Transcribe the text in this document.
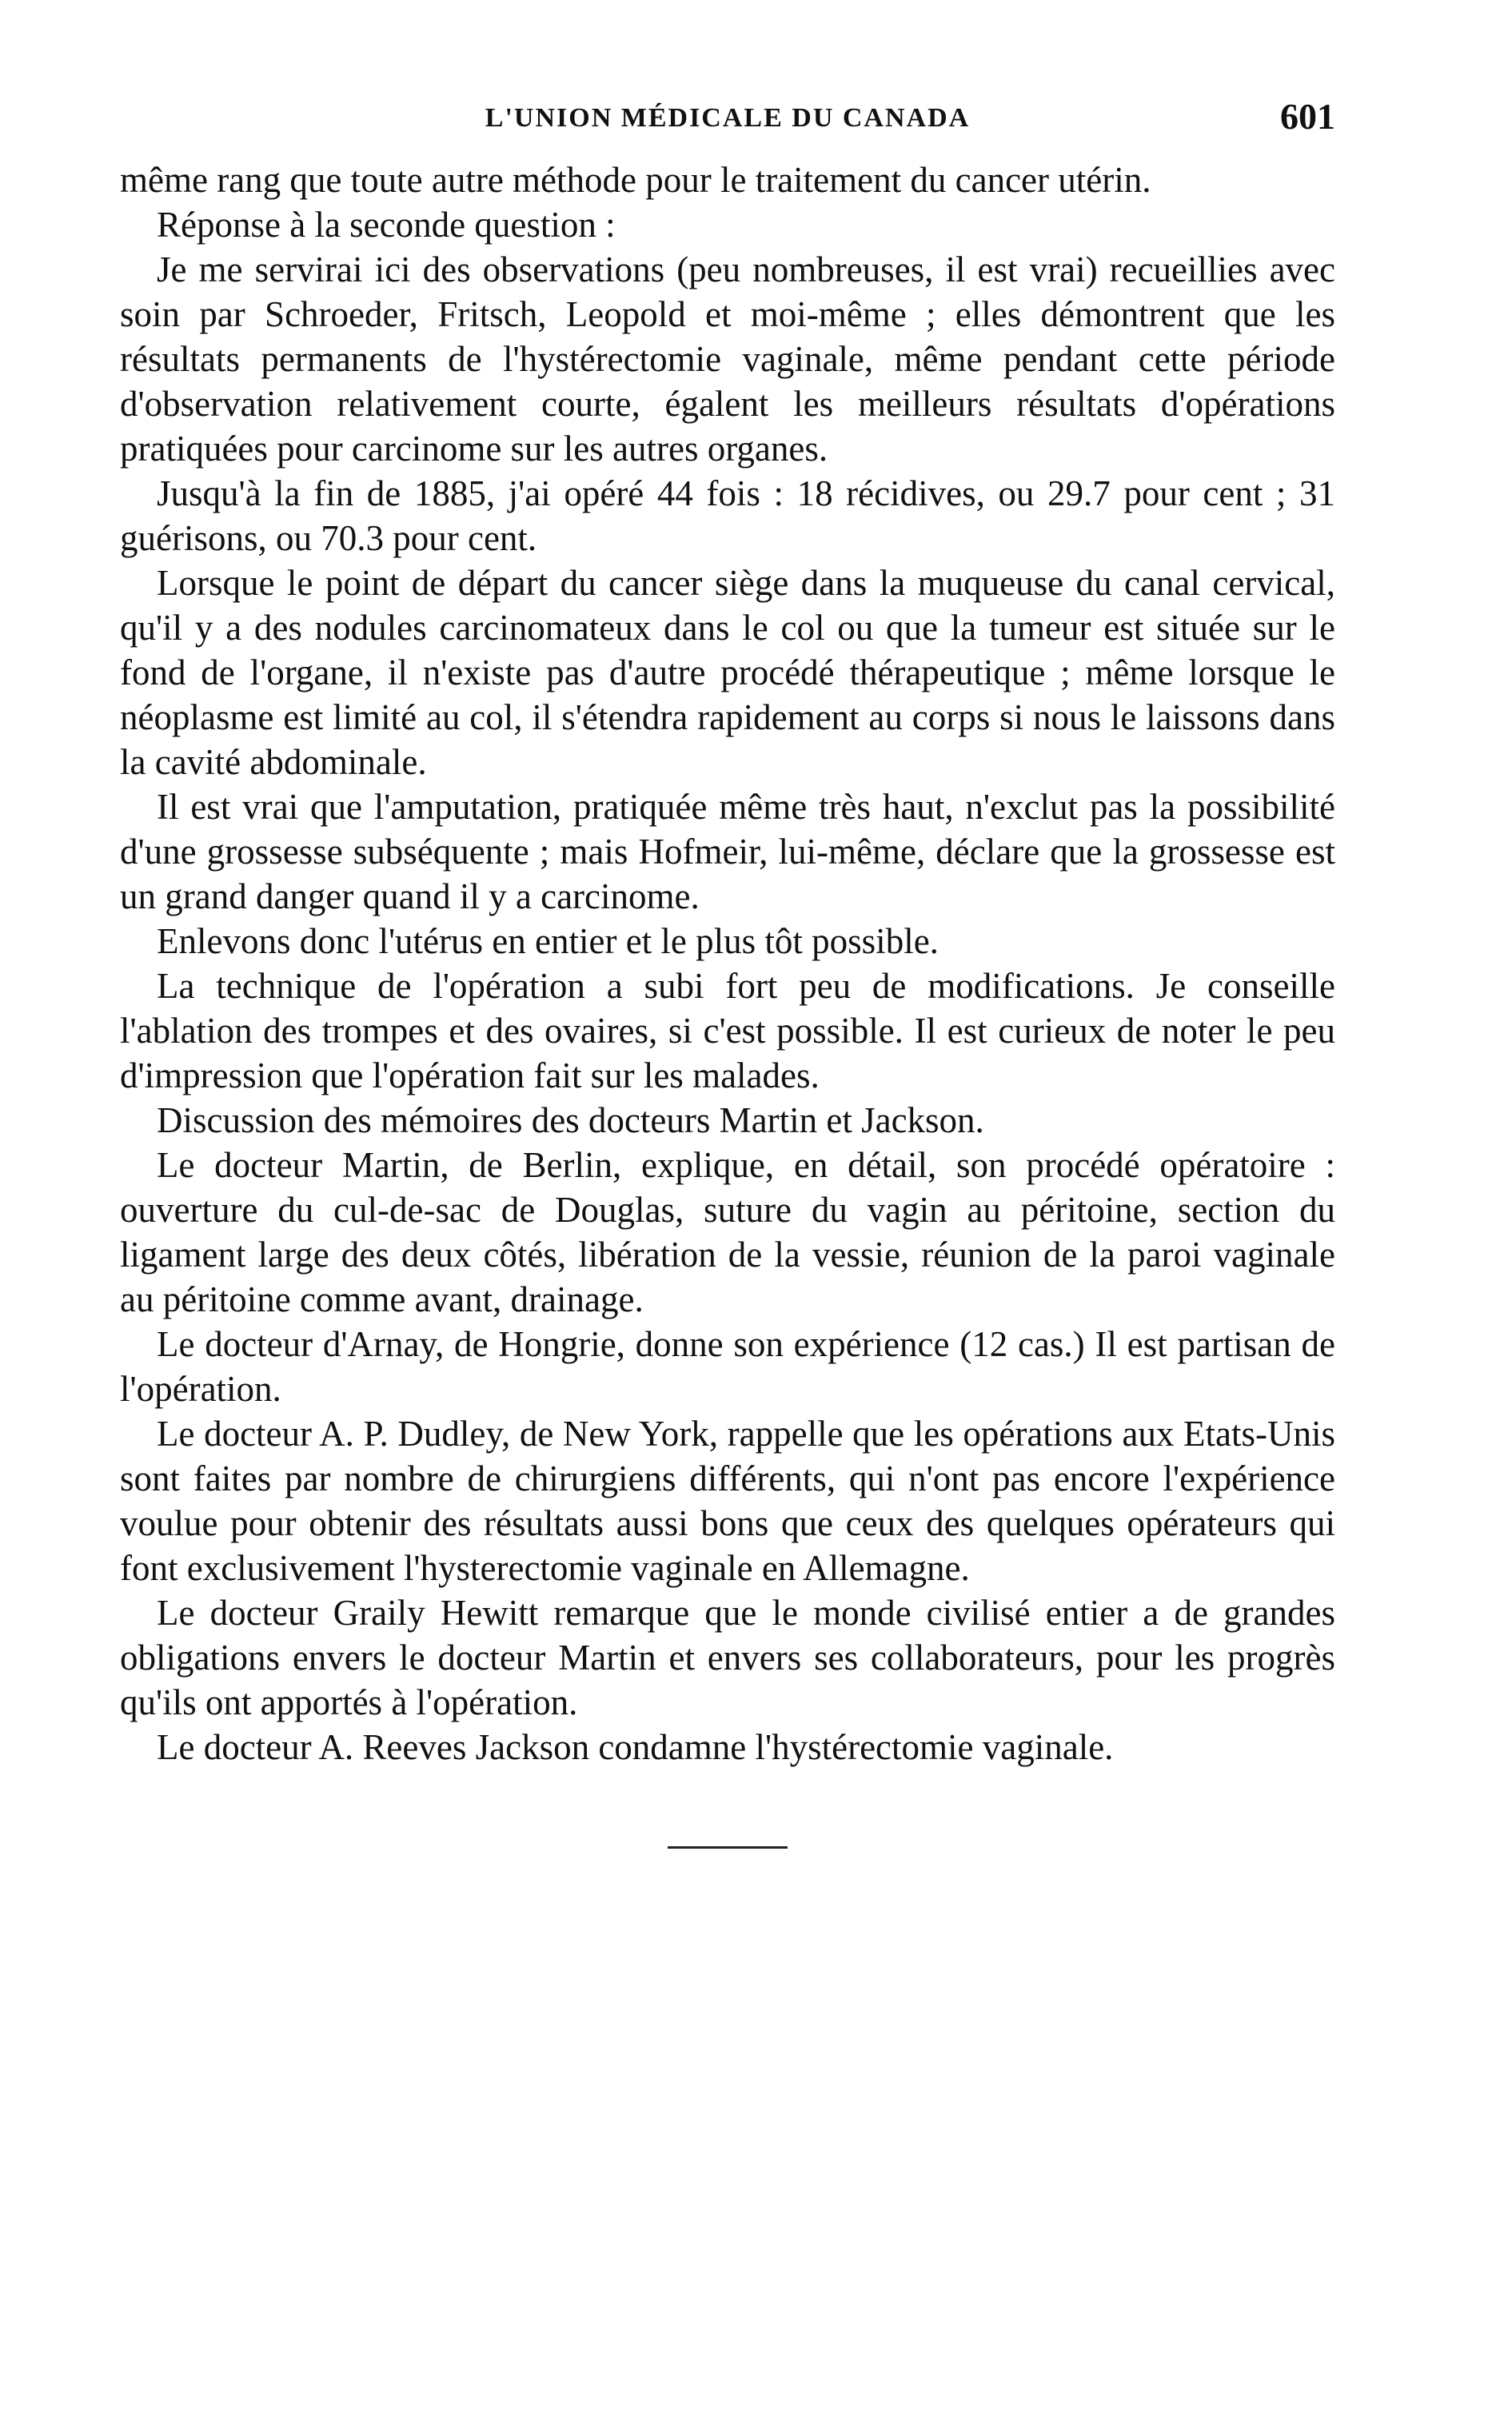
L'UNION MÉDICALE DU CANADA	601

même rang que toute autre méthode pour le traitement du cancer utérin.

Réponse à la seconde question :

Je me servirai ici des observations (peu nombreuses, il est vrai) recueillies avec soin par Schroeder, Fritsch, Leopold et moi-même ; elles démontrent que les résultats permanents de l'hystérectomie vaginale, même pendant cette période d'observation relativement courte, égalent les meilleurs résultats d'opérations pratiquées pour carcinome sur les autres organes.

Jusqu'à la fin de 1885, j'ai opéré 44 fois : 18 récidives, ou 29.7 pour cent ; 31 guérisons, ou 70.3 pour cent.

Lorsque le point de départ du cancer siège dans la muqueuse du canal cervical, qu'il y a des nodules carcinomateux dans le col ou que la tumeur est située sur le fond de l'organe, il n'existe pas d'autre procédé thérapeutique ; même lorsque le néoplasme est limité au col, il s'étendra rapidement au corps si nous le laissons dans la cavité abdominale.

Il est vrai que l'amputation, pratiquée même très haut, n'exclut pas la possibilité d'une grossesse subséquente ; mais Hofmeir, lui-même, déclare que la grossesse est un grand danger quand il y a carcinome.

Enlevons donc l'utérus en entier et le plus tôt possible.

La technique de l'opération a subi fort peu de modifications. Je conseille l'ablation des trompes et des ovaires, si c'est possible. Il est curieux de noter le peu d'impression que l'opération fait sur les malades.

Discussion des mémoires des docteurs Martin et Jackson.

Le docteur Martin, de Berlin, explique, en détail, son procédé opératoire : ouverture du cul-de-sac de Douglas, suture du vagin au péritoine, section du ligament large des deux côtés, libération de la vessie, réunion de la paroi vaginale au péritoine comme avant, drainage.

Le docteur d'Arnay, de Hongrie, donne son expérience (12 cas.) Il est partisan de l'opération.

Le docteur A. P. Dudley, de New York, rappelle que les opérations aux Etats-Unis sont faites par nombre de chirurgiens différents, qui n'ont pas encore l'expérience voulue pour obtenir des résultats aussi bons que ceux des quelques opérateurs qui font exclusivement l'hysterectomie vaginale en Allemagne.

Le docteur Graily Hewitt remarque que le monde civilisé entier a de grandes obligations envers le docteur Martin et envers ses collaborateurs, pour les progrès qu'ils ont apportés à l'opération.

Le docteur A. Reeves Jackson condamne l'hystérectomie vaginale.
